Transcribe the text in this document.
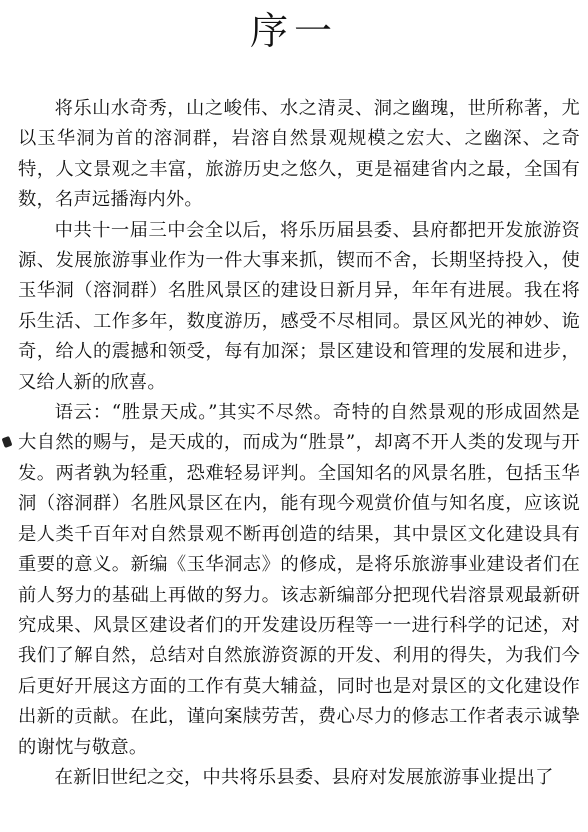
序一

将乐山水奇秀，山之峻伟、水之清灵、洞之幽瑰，世所称著，尤以玉华洞为首的溶洞群，岩溶自然景观规模之宏大、之幽深、之奇特，人文景观之丰富，旅游历史之悠久，更是福建省内之最，全国有数，名声远播海内外。

中共十一届三中会全以后，将乐历届县委、县府都把开发旅游资源、发展旅游事业作为一件大事来抓，锲而不舍，长期坚持投入，使玉华洞（溶洞群）名胜风景区的建设日新月异，年年有进展。我在将乐生活、工作多年，数度游历，感受不尽相同。景区风光的神妙、诡奇，给人的震撼和领受，每有加深；景区建设和管理的发展和进步，又给人新的欣喜。

语云：“胜景天成。”其实不尽然。奇特的自然景观的形成固然是大自然的赐与，是天成的，而成为“胜景”，却离不开人类的发现与开发。两者孰为轻重，恐难轻易评判。全国知名的风景名胜，包括玉华洞（溶洞群）名胜风景区在内，能有现今观赏价值与知名度，应该说是人类千百年对自然景观不断再创造的结果，其中景区文化建设具有重要的意义。新编《玉华洞志》的修成，是将乐旅游事业建设者们在前人努力的基础上再做的努力。该志新编部分把现代岩溶景观最新研究成果、风景区建设者们的开发建设历程等一一进行科学的记述，对我们了解自然，总结对自然旅游资源的开发、利用的得失，为我们今后更好开展这方面的工作有莫大辅益，同时也是对景区的文化建设作出新的贡献。在此，谨向案牍劳苦，费心尽力的修志工作者表示诚挚的谢忱与敬意。

在新旧世纪之交，中共将乐县委、县府对发展旅游事业提出了
